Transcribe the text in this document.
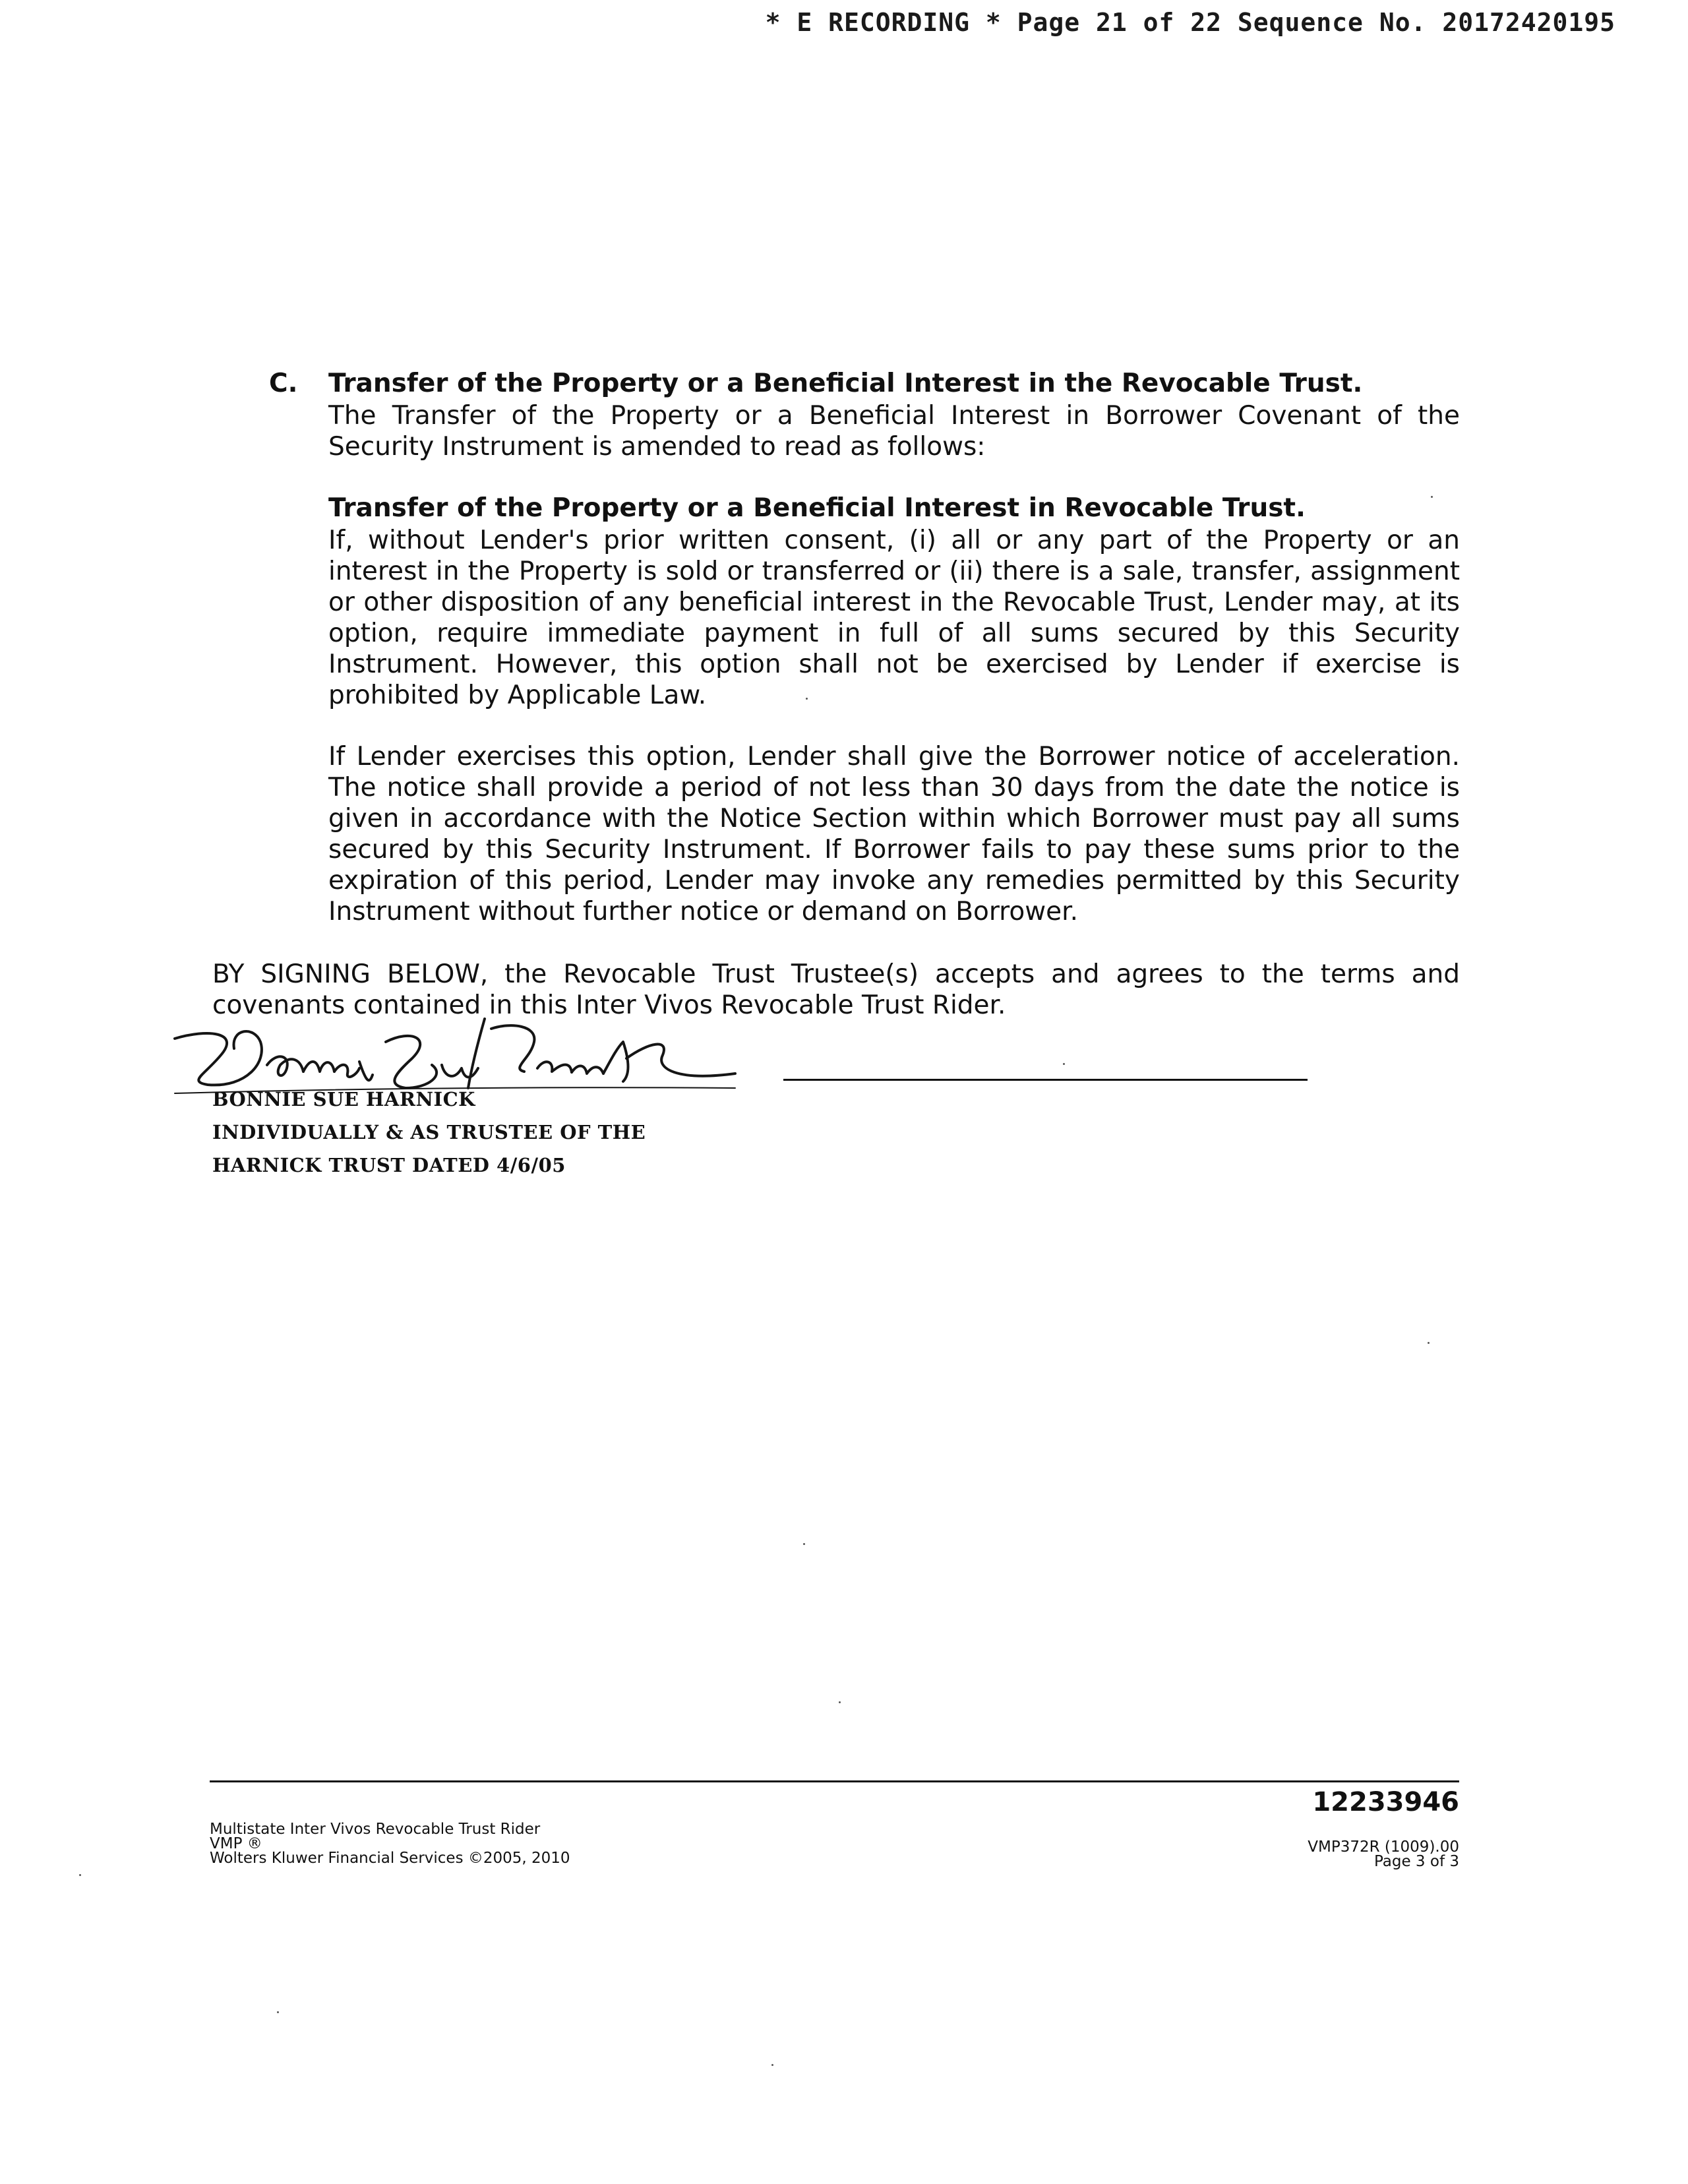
* E RECORDING * Page 21 of 22 Sequence No. 20172420195
C. Transfer of the Property or a Beneficial Interest in the Revocable Trust.
The Transfer of the Property or a Beneficial Interest in Borrower Covenant of the Security Instrument is amended to read as follows:
Transfer of the Property or a Beneficial Interest in Revocable Trust.
If, without Lender's prior written consent, (i) all or any part of the Property or an interest in the Property is sold or transferred or (ii) there is a sale, transfer, assignment or other disposition of any beneficial interest in the Revocable Trust, Lender may, at its option, require immediate payment in full of all sums secured by this Security Instrument. However, this option shall not be exercised by Lender if exercise is prohibited by Applicable Law.
If Lender exercises this option, Lender shall give the Borrower notice of acceleration. The notice shall provide a period of not less than 30 days from the date the notice is given in accordance with the Notice Section within which Borrower must pay all sums secured by this Security Instrument. If Borrower fails to pay these sums prior to the expiration of this period, Lender may invoke any remedies permitted by this Security Instrument without further notice or demand on Borrower.
BY SIGNING BELOW, the Revocable Trust Trustee(s) accepts and agrees to the terms and covenants contained in this Inter Vivos Revocable Trust Rider.
BONNIE SUE HARNICK
INDIVIDUALLY & AS TRUSTEE OF THE
HARNICK TRUST DATED 4/6/05
12233946
Multistate Inter Vivos Revocable Trust Rider
VMP ®
Wolters Kluwer Financial Services ©2005, 2010
VMP372R (1009).00
Page 3 of 3
